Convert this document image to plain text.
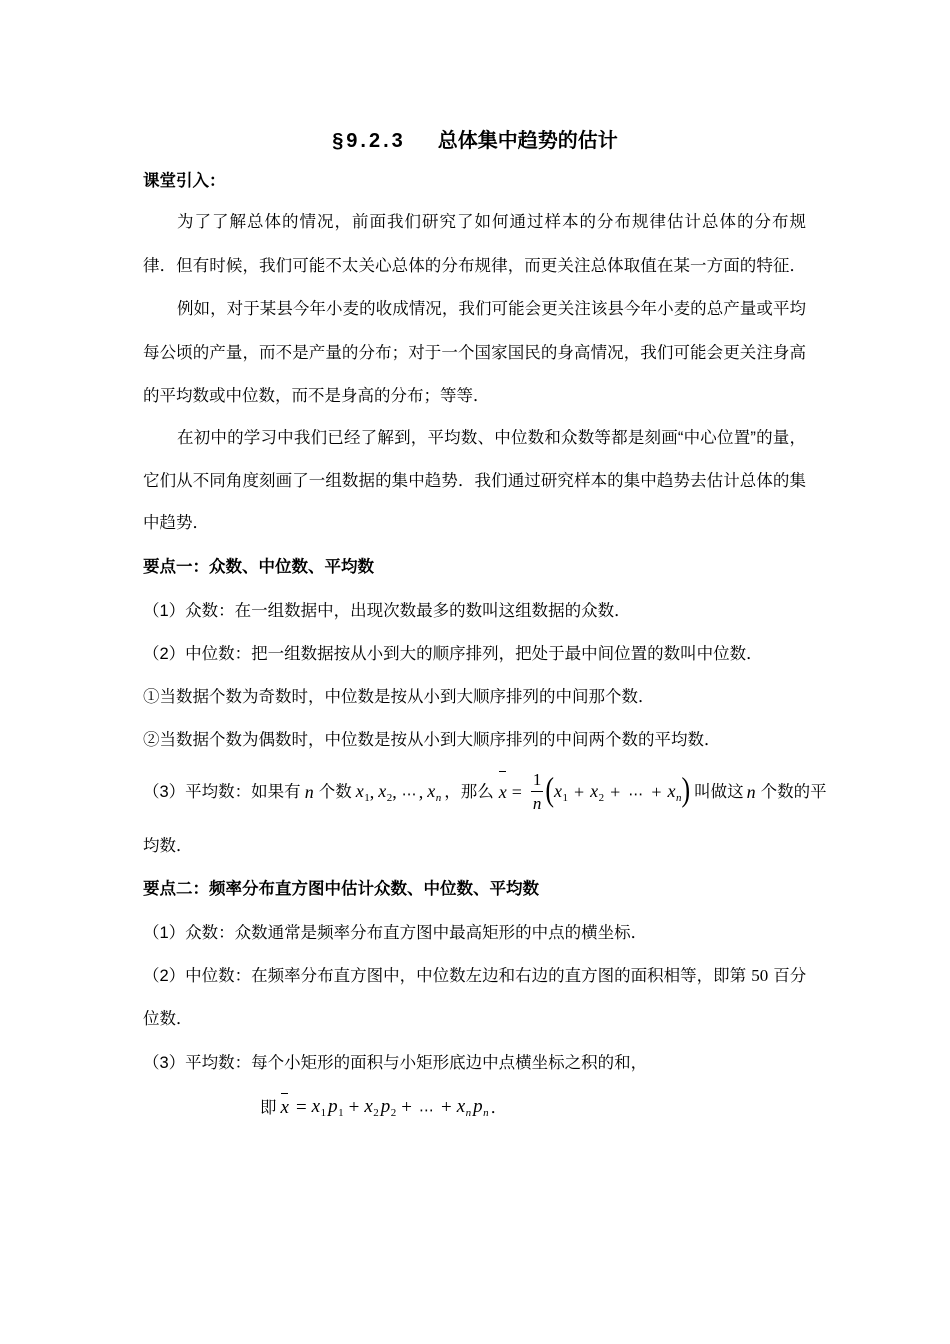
§9.2.3 总体集中趋势的估计
课堂引入：
为了了解总体的情况，前面我们研究了如何通过样本的分布规律估计总体的分布规
律．但有时候，我们可能不太关心总体的分布规律，而更关注总体取值在某一方面的特征．
例如，对于某县今年小麦的收成情况，我们可能会更关注该县今年小麦的总产量或平均
每公顷的产量，而不是产量的分布；对于一个国家国民的身高情况，我们可能会更关注身高
的平均数或中位数，而不是身高的分布；等等．
在初中的学习中我们已经了解到，平均数、中位数和众数等都是刻画“中心位置”的量，
它们从不同角度刻画了一组数据的集中趋势．我们通过研究样本的集中趋势去估计总体的集
中趋势．
要点一：众数、中位数、平均数
（1）众数：在一组数据中，出现次数最多的数叫这组数据的众数．
（2）中位数：把一组数据按从小到大的顺序排列，把处于最中间位置的数叫中位数．
①当数据个数为奇数时，中位数是按从小到大顺序排列的中间那个数．
②当数据个数为偶数时，中位数是按从小到大顺序排列的中间两个数的平均数．
（3）平均数：如果有 n 个数 $x_1$ , $x_2$ , ⋯ , $x_n$ ，那么 $x = \frac{1}{n}$ ( $x_1 + x_2$ + ⋯ + $x_n$ ) 叫做这 n 个数的平
均数．
要点二：频率分布直方图中估计众数、中位数、平均数
（1）众数：众数通常是频率分布直方图中最高矩形的中点的横坐标．
（2）中位数：在频率分布直方图中，中位数左边和右边的直方图的面积相等，即第 50 百分
位数．
（3）平均数：每个小矩形的面积与小矩形底边中点横坐标之积的和，
即 $x = x_1$ $p_1 + x_2$ $p_2$ + ⋯ + $x_n$ $p_n$ ．
